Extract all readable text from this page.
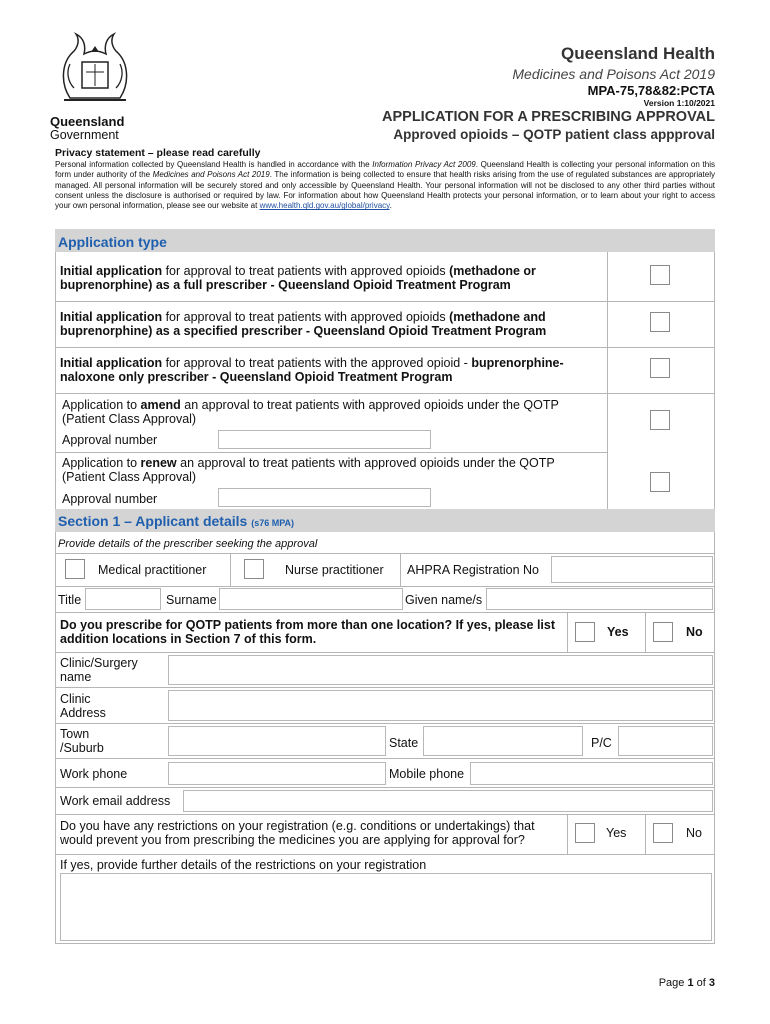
Queensland
Government
Queensland Health
Medicines and Poisons Act 2019
MPA-75,78&82:PCTA
Version 1:10/2021
APPLICATION FOR A PRESCRIBING APPROVAL
Approved opioids – QOTP patient class appproval
Privacy statement – please read carefully
Personal information collected by Queensland Health is handled in accordance with the Information Privacy Act 2009. Queensland Health is collecting your personal information on this form under authority of the Medicines and Poisons Act 2019. The information is being collected to ensure that health risks arising from the use of regulated substances are appropriately managed. All personal information will be securely stored and only accessible by Queensland Health. Your personal information will not be disclosed to any other third parties without consent unless the disclosure is authorised or required by law. For information about how Queensland Health protects your personal information, or to learn about your right to access your own personal information, please see our website at www.health.qld.gov.au/global/privacy.
Application type
Initial application for approval to treat patients with approved opioids (methadone or buprenorphine) as a full prescriber - Queensland Opioid Treatment Program
Initial application for approval to treat patients with approved opioids (methadone and buprenorphine) as a specified prescriber - Queensland Opioid Treatment Program
Initial application for approval to treat patients with the approved opioid - buprenorphine-naloxone only prescriber - Queensland Opioid Treatment Program
Application to amend an approval to treat patients with approved opioids under the QOTP (Patient Class Approval)
Approval number
Application to renew an approval to treat patients with approved opioids under the QOTP (Patient Class Approval)
Approval number
Section 1 – Applicant details (s76 MPA)
Provide details of the prescriber seeking the approval
Medical practitioner	Nurse practitioner AHPRA Registration No
Title	Surname	Given name/s
Do you prescribe for QOTP patients from more than one location? If yes, please list addition locations in Section 7 of this form.	Yes	No
Clinic/Surgery name
Clinic Address
Town /Suburb	State	P/C
Work phone	Mobile phone
Work email address
Do you have any restrictions on your registration (e.g. conditions or undertakings) that would prevent you from prescribing the medicines you are applying for approval for?	Yes	No
If yes, provide further details of the restrictions on your registration
Page 1 of 3
